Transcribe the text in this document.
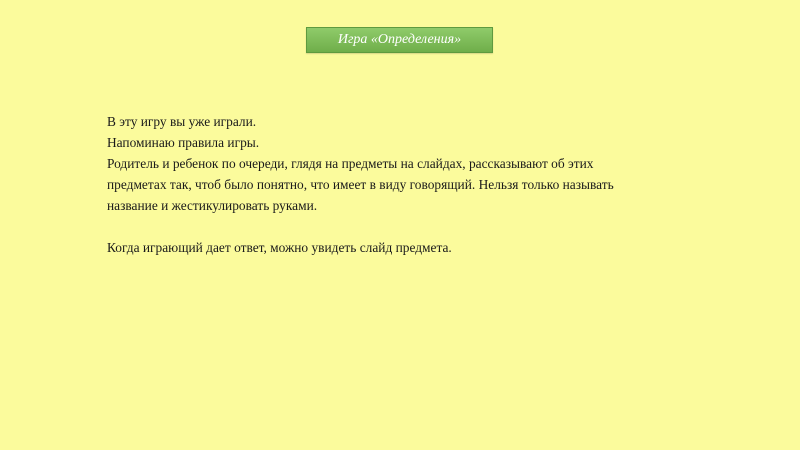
Игра «Определения»

В эту игру вы уже играли.

Напоминаю правила игры.

Родитель и ребенок по очереди, глядя на предметы на слайдах, рассказывают об этих

предметах так, чтоб было понятно, что имеет в виду говорящий. Нельзя только называть

название и жестикулировать руками.

Когда играющий дает ответ, можно увидеть слайд предмета.
